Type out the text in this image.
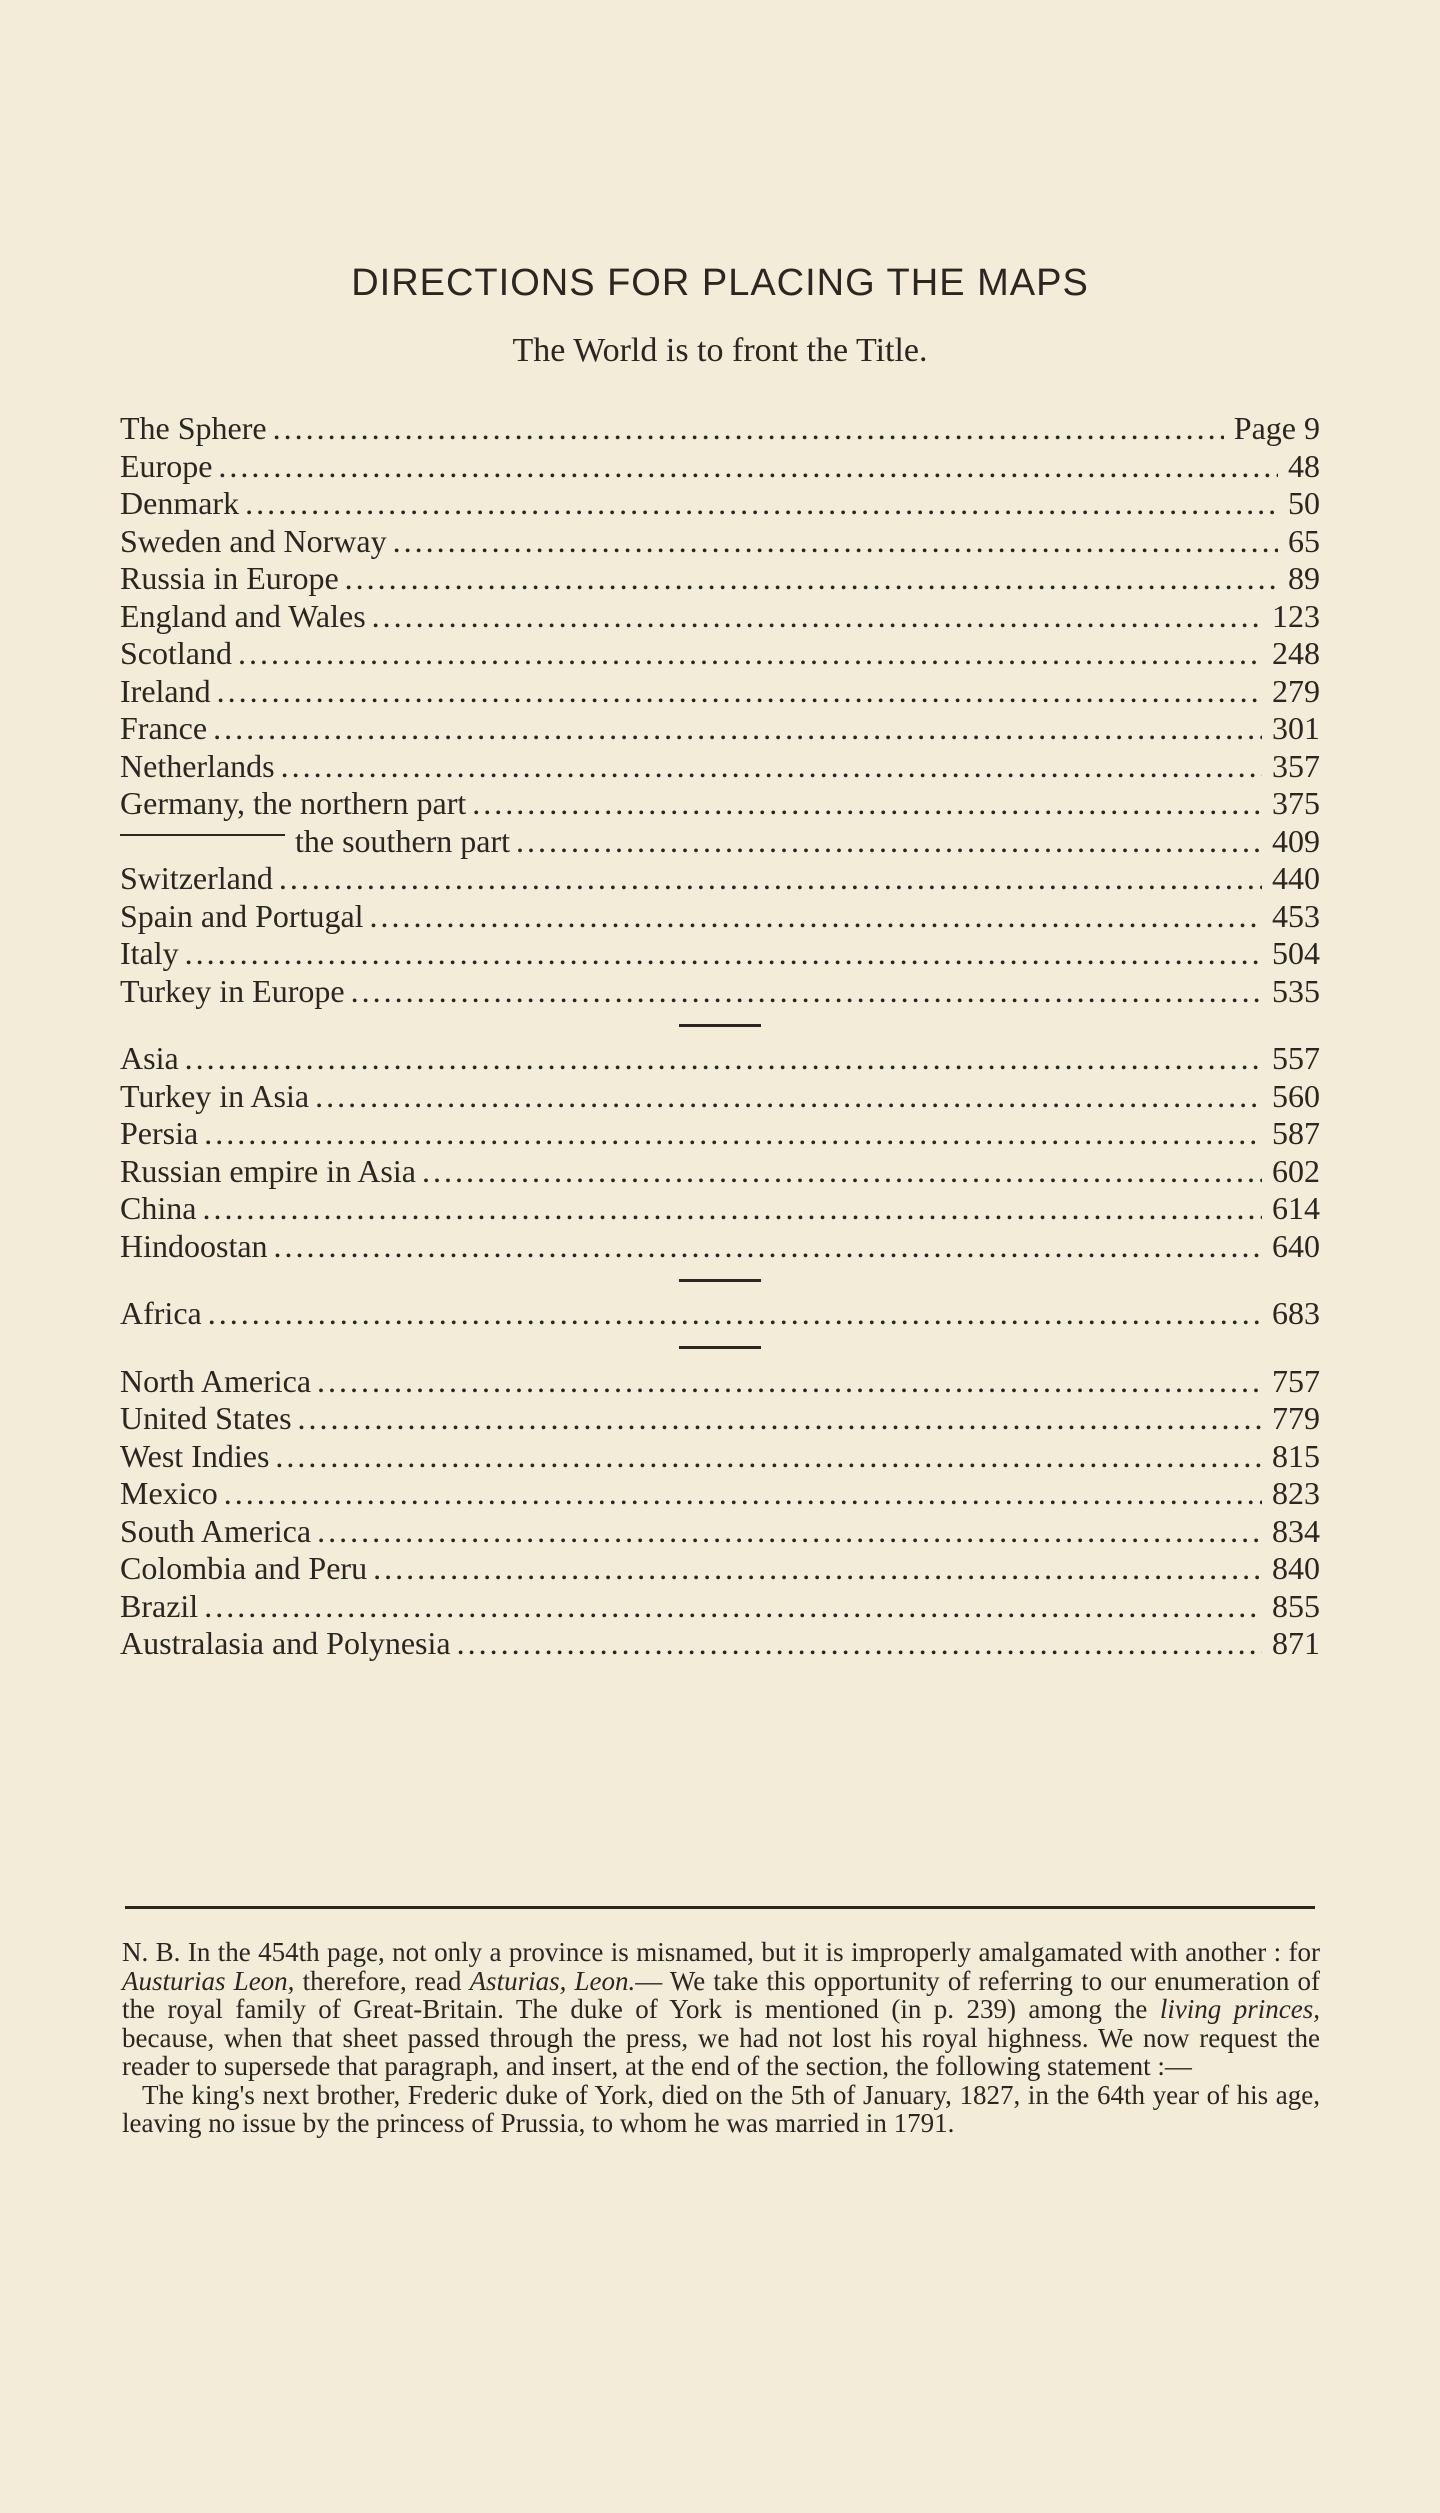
DIRECTIONS FOR PLACING THE MAPS
The World is to front the Title.
The Sphere .....	Page 9
Europe .....	48
Denmark .....	50
Sweden and Norway .....	65
Russia in Europe .....	89
England and Wales .....	123
Scotland .....	248
Ireland .....	279
France .....	301
Netherlands .....	357
Germany, the northern part .....	375
the southern part .....	409
Switzerland .....	440
Spain and Portugal .....	453
Italy .....	504
Turkey in Europe .....	535
Asia .....	557
Turkey in Asia .....	560
Persia .....	587
Russian empire in Asia .....	602
China .....	614
Hindoostan .....	640
Africa .....	683
North America .....	757
United States .....	779
West Indies .....	815
Mexico .....	823
South America .....	834
Colombia and Peru .....	840
Brazil .....	855
Australasia and Polynesia .....	871

N. B. In the 454th page, not only a province is misnamed, but it is improperly amalgamated with another : for Austurias Leon, therefore, read Asturias, Leon.— We take this opportunity of referring to our enumeration of the royal family of Great-Britain. The duke of York is mentioned (in p. 239) among the living princes, because, when that sheet passed through the press, we had not lost his royal highness. We now request the reader to supersede that paragraph, and insert, at the end of the section, the following statement :—

The king's next brother, Frederic duke of York, died on the 5th of January, 1827, in the 64th year of his age, leaving no issue by the princess of Prussia, to whom he was married in 1791.
